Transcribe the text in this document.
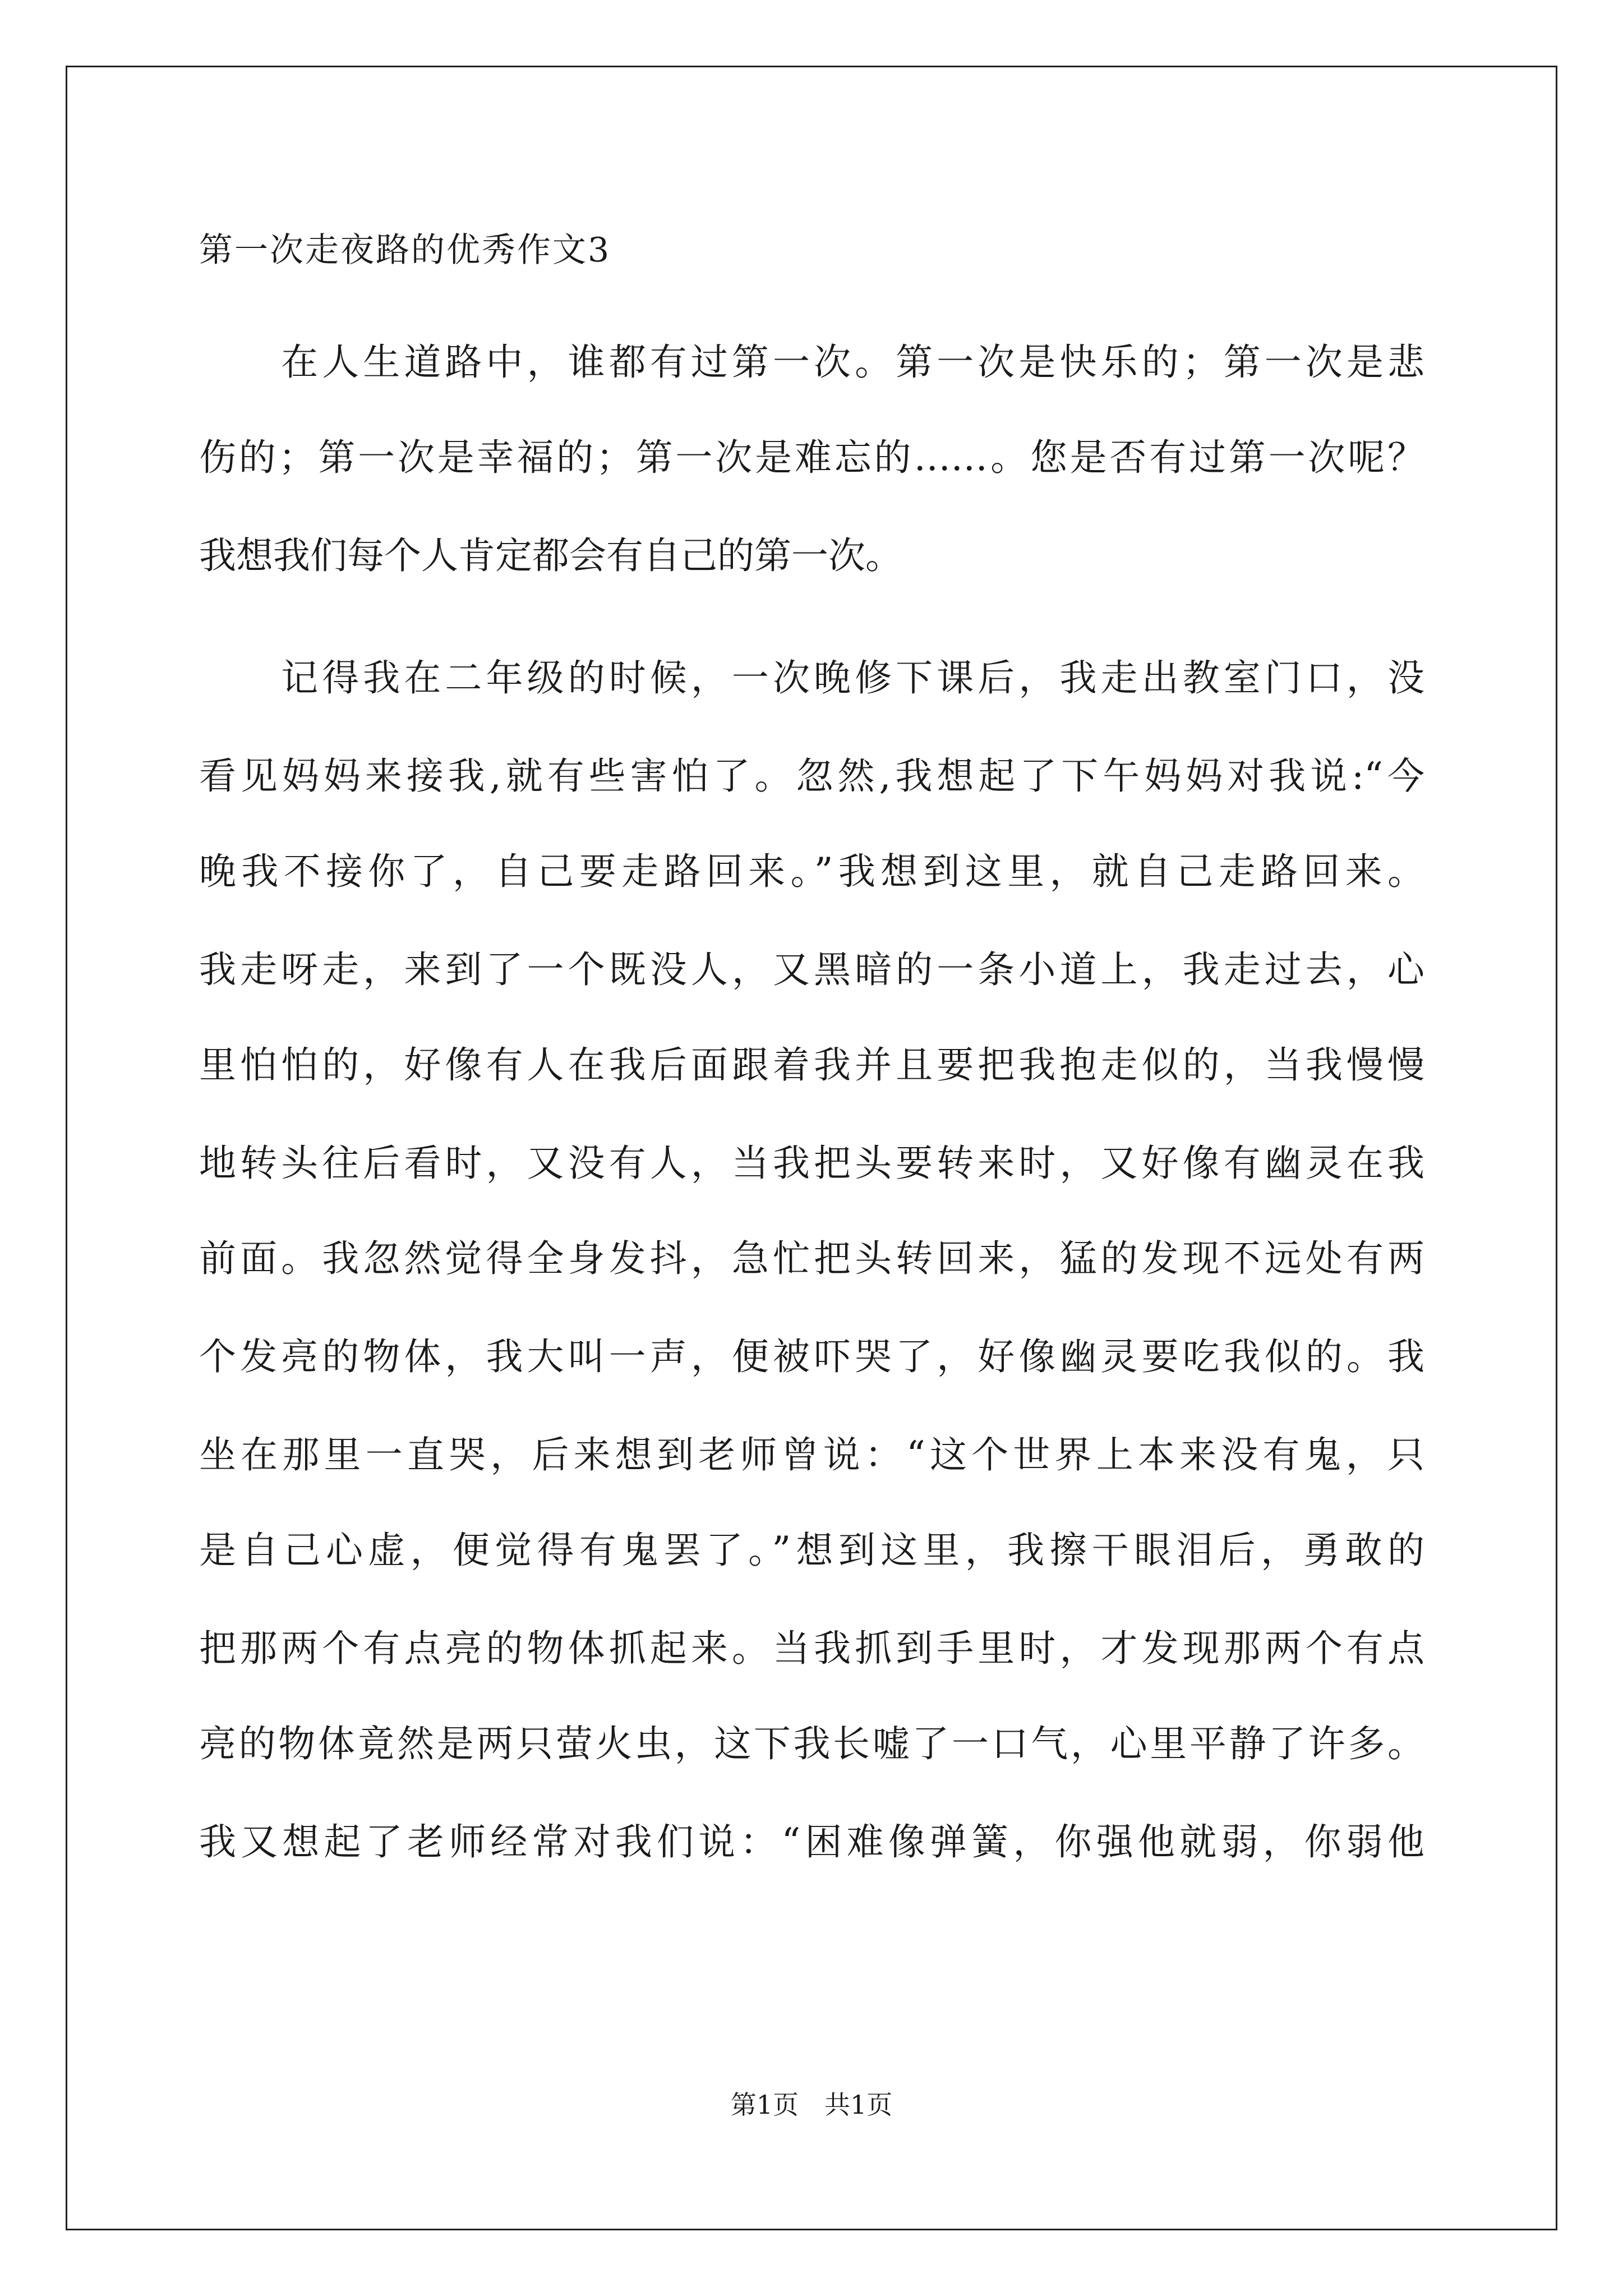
第一次走夜路的优秀作文3
　　在人生道路中，谁都有过第一次。第一次是快乐的；第一次是悲
伤的；第一次是幸福的；第一次是难忘的……。您是否有过第一次呢？
我想我们每个人肯定都会有自己的第一次。
　　记得我在二年级的时候，一次晚修下课后，我走出教室门口，没
看见妈妈来接我,就有些害怕了。忽然,我想起了下午妈妈对我说:“今
晚我不接你了，自己要走路回来。”我想到这里，就自己走路回来。
我走呀走，来到了一个既没人，又黑暗的一条小道上，我走过去，心
里怕怕的，好像有人在我后面跟着我并且要把我抱走似的，当我慢慢
地转头往后看时，又没有人，当我把头要转来时，又好像有幽灵在我
前面。我忽然觉得全身发抖，急忙把头转回来，猛的发现不远处有两
个发亮的物体，我大叫一声，便被吓哭了，好像幽灵要吃我似的。我
坐在那里一直哭，后来想到老师曾说：“这个世界上本来没有鬼，只
是自己心虚，便觉得有鬼罢了。”想到这里，我擦干眼泪后，勇敢的
把那两个有点亮的物体抓起来。当我抓到手里时，才发现那两个有点
亮的物体竟然是两只萤火虫，这下我长嘘了一口气，心里平静了许多。
我又想起了老师经常对我们说：“困难像弹簧，你强他就弱，你弱他
第1页　共1页
